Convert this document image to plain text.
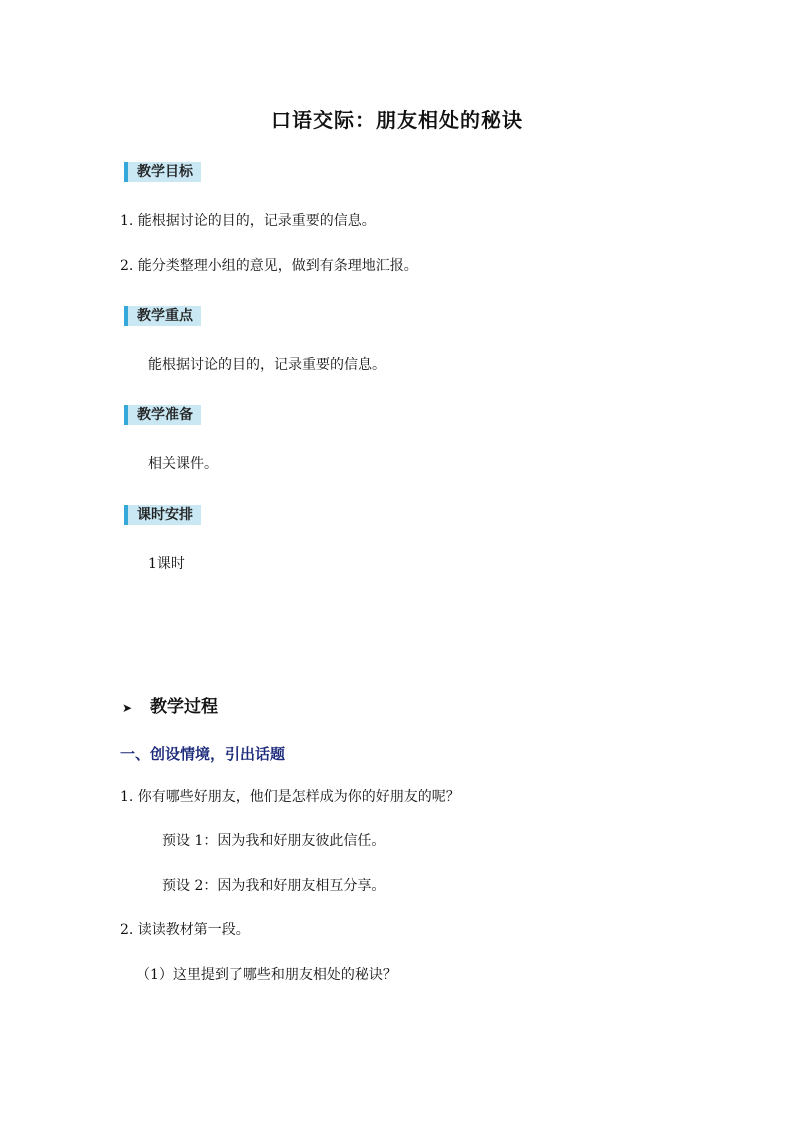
口语交际：朋友相处的秘诀
教学目标
1. 能根据讨论的目的，记录重要的信息。
2. 能分类整理小组的意见，做到有条理地汇报。
教学重点
能根据讨论的目的，记录重要的信息。
教学准备
相关课件。
课时安排
1课时
➤ 教学过程
一、创设情境，引出话题
1. 你有哪些好朋友，他们是怎样成为你的好朋友的呢？
预设 1：因为我和好朋友彼此信任。
预设 2：因为我和好朋友相互分享。
2. 读读教材第一段。
（1）这里提到了哪些和朋友相处的秘诀？
